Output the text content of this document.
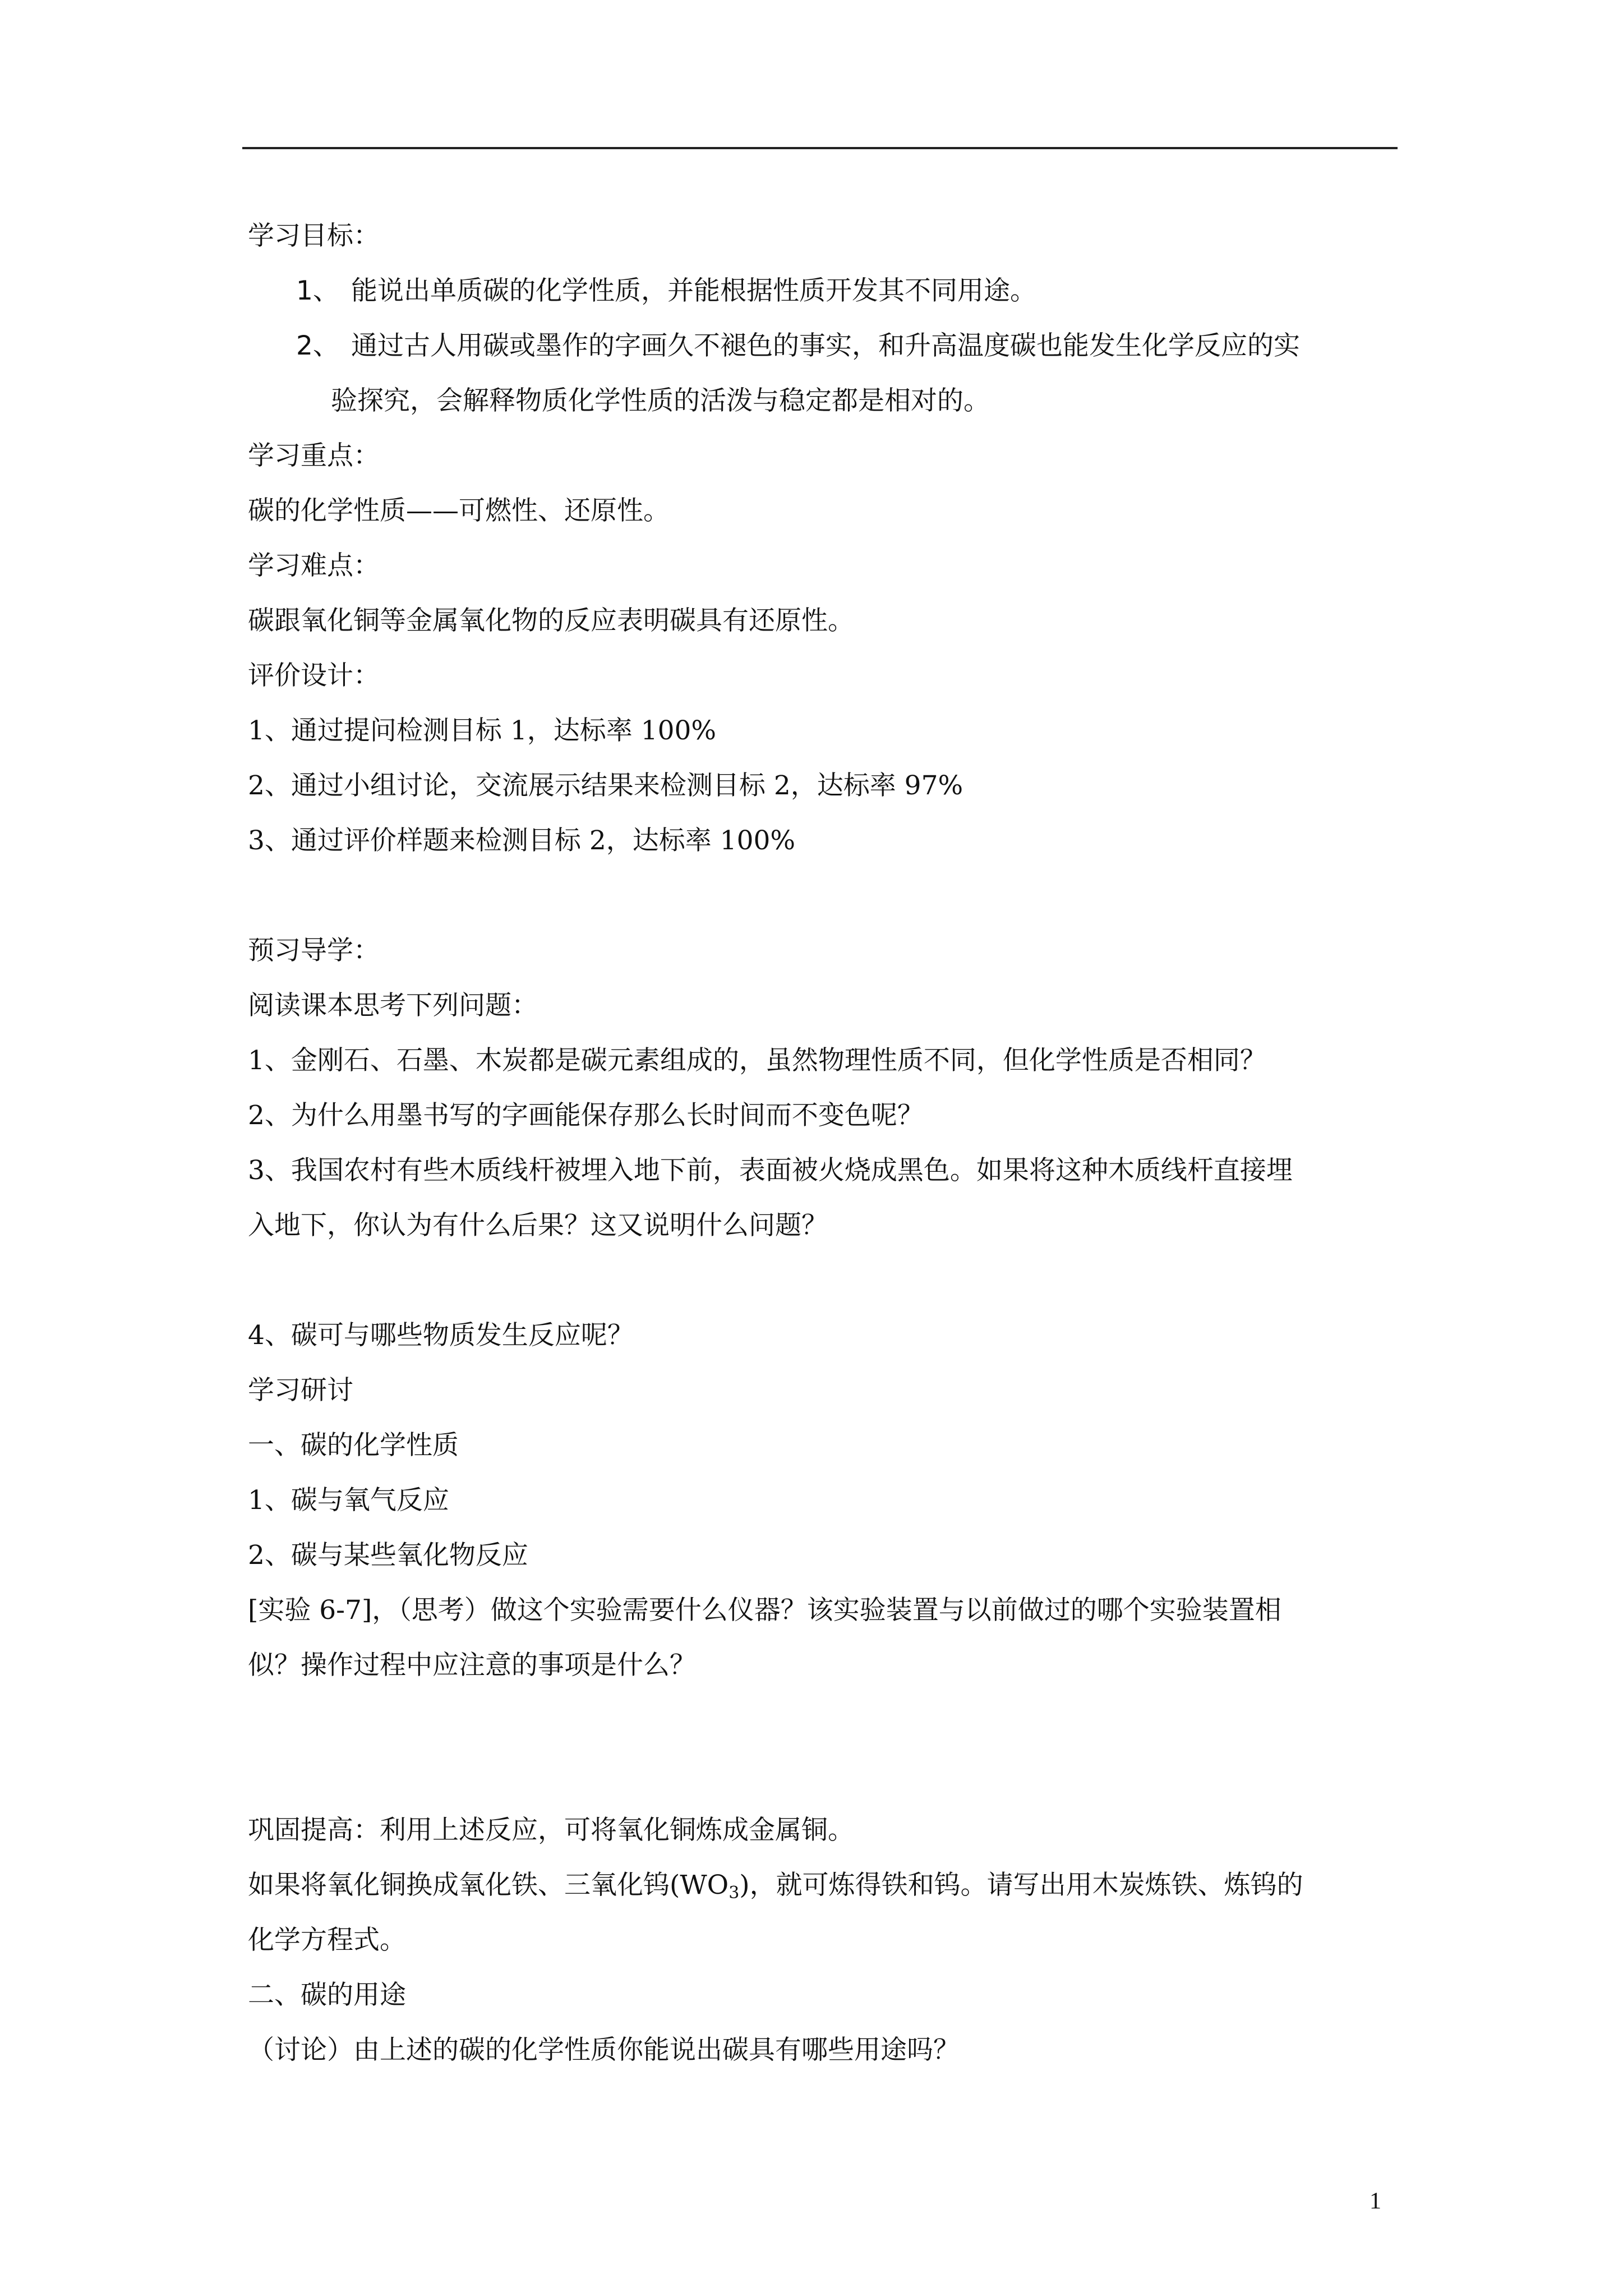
学习目标：
1、 能说出单质碳的化学性质，并能根据性质开发其不同用途。
2、 通过古人用碳或墨作的字画久不褪色的事实，和升高温度碳也能发生化学反应的实
验探究，会解释物质化学性质的活泼与稳定都是相对的。
学习重点：
碳的化学性质——可燃性、还原性。
学习难点：
碳跟氧化铜等金属氧化物的反应表明碳具有还原性。
评价设计：
1、通过提问检测目标 1，达标率 100%
2、通过小组讨论，交流展示结果来检测目标 2，达标率 97%
3、通过评价样题来检测目标 2，达标率 100%
预习导学：
阅读课本思考下列问题：
1、金刚石、石墨、木炭都是碳元素组成的，虽然物理性质不同，但化学性质是否相同？
2、为什么用墨书写的字画能保存那么长时间而不变色呢？
3、我国农村有些木质线杆被埋入地下前，表面被火烧成黑色。如果将这种木质线杆直接埋
入地下，你认为有什么后果？这又说明什么问题？
4、碳可与哪些物质发生反应呢？
学习研讨
一、碳的化学性质
1、碳与氧气反应
2、碳与某些氧化物反应
[实验 6-7]，（思考）做这个实验需要什么仪器？该实验装置与以前做过的哪个实验装置相
似？操作过程中应注意的事项是什么？
巩固提高：利用上述反应，可将氧化铜炼成金属铜。
如果将氧化铜换成氧化铁、三氧化钨$(WO_3)$，就可炼得铁和钨。请写出用木炭炼铁、炼钨的
化学方程式。
二、碳的用途
（讨论）由上述的碳的化学性质你能说出碳具有哪些用途吗？
1
